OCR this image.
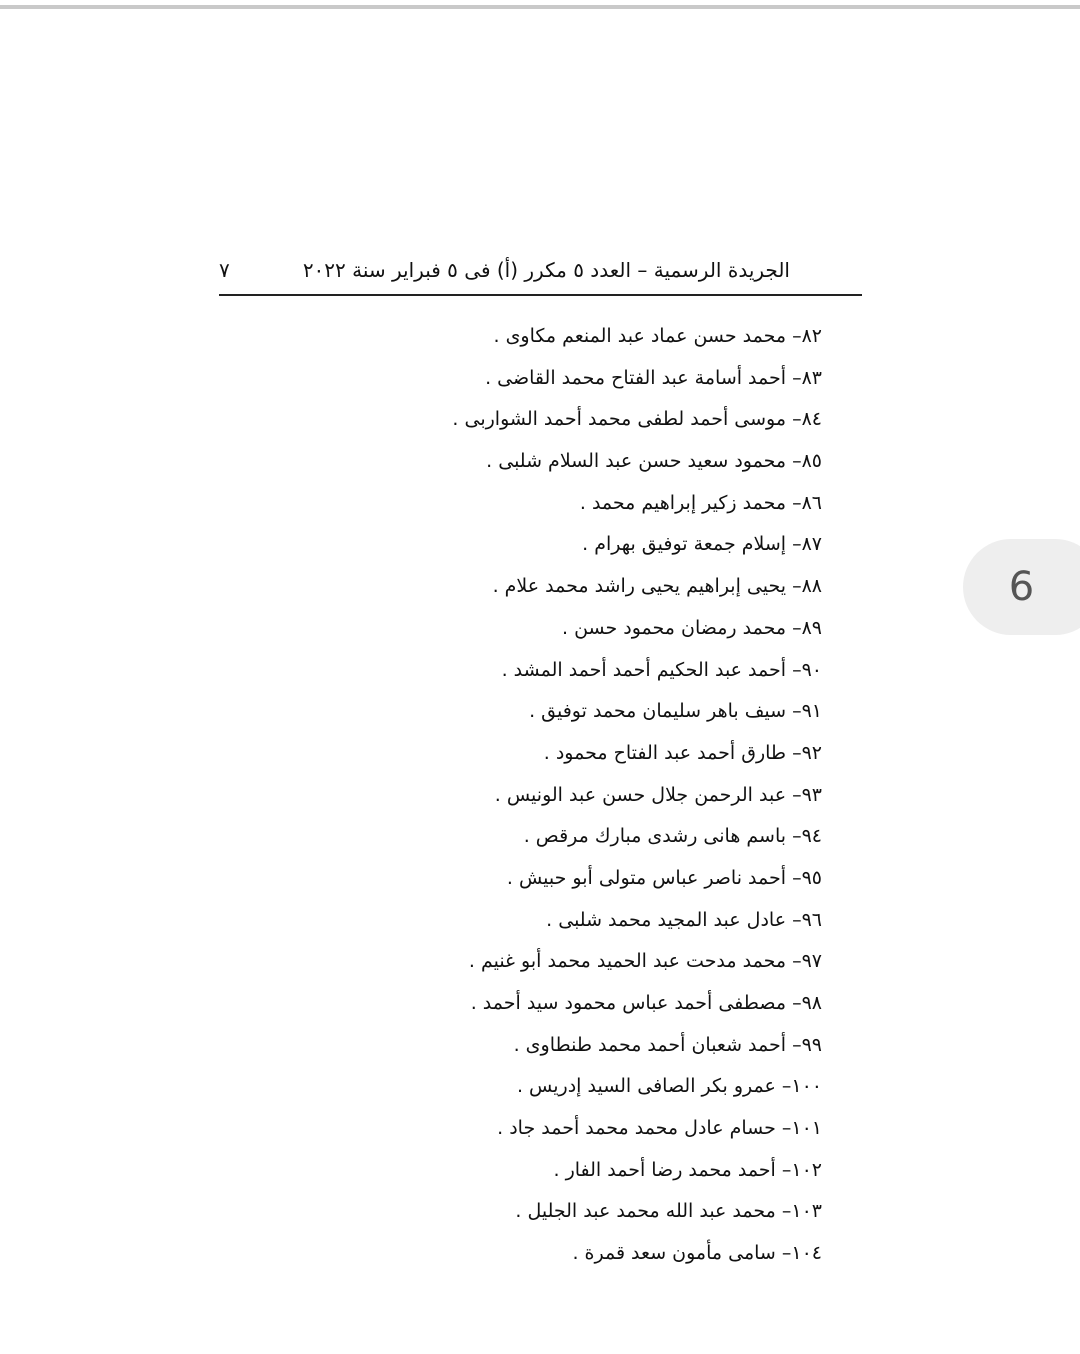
الجريدة الرسمية – العدد ٥ مكرر (أ) فى ٥ فبراير سنة ٢٠٢٢
٧
٨٢– محمد حسن عماد عبد المنعم مكاوى .
٨٣– أحمد أسامة عبد الفتاح محمد القاضى .
٨٤– موسى أحمد لطفى محمد أحمد الشواربى .
٨٥– محمود سعيد حسن عبد السلام شلبى .
٨٦– محمد زكير إبراهيم محمد .
٨٧– إسلام جمعة توفيق بهرام .
٨٨– يحيى إبراهيم يحيى راشد محمد علام .
٨٩– محمد رمضان محمود حسن .
٩٠– أحمد عبد الحكيم أحمد أحمد المشد .
٩١– سيف باهر سليمان محمد توفيق .
٩٢– طارق أحمد عبد الفتاح محمود .
٩٣– عبد الرحمن جلال حسن عبد الونيس .
٩٤– باسم هانى رشدى مبارك مرقص .
٩٥– أحمد ناصر عباس متولى أبو حبيش .
٩٦– عادل عبد المجيد محمد شلبى .
٩٧– محمد مدحت عبد الحميد محمد أبو غنيم .
٩٨– مصطفى أحمد عباس محمود سيد أحمد .
٩٩– أحمد شعبان أحمد محمد طنطاوى .
١٠٠– عمرو بكر الصافى السيد إدريس .
١٠١– حسام عادل محمد محمد أحمد جاد .
١٠٢– أحمد محمد رضا أحمد الفار .
١٠٣– محمد عبد الله محمد عبد الجليل .
١٠٤– سامى مأمون سعد قمرة .
6
